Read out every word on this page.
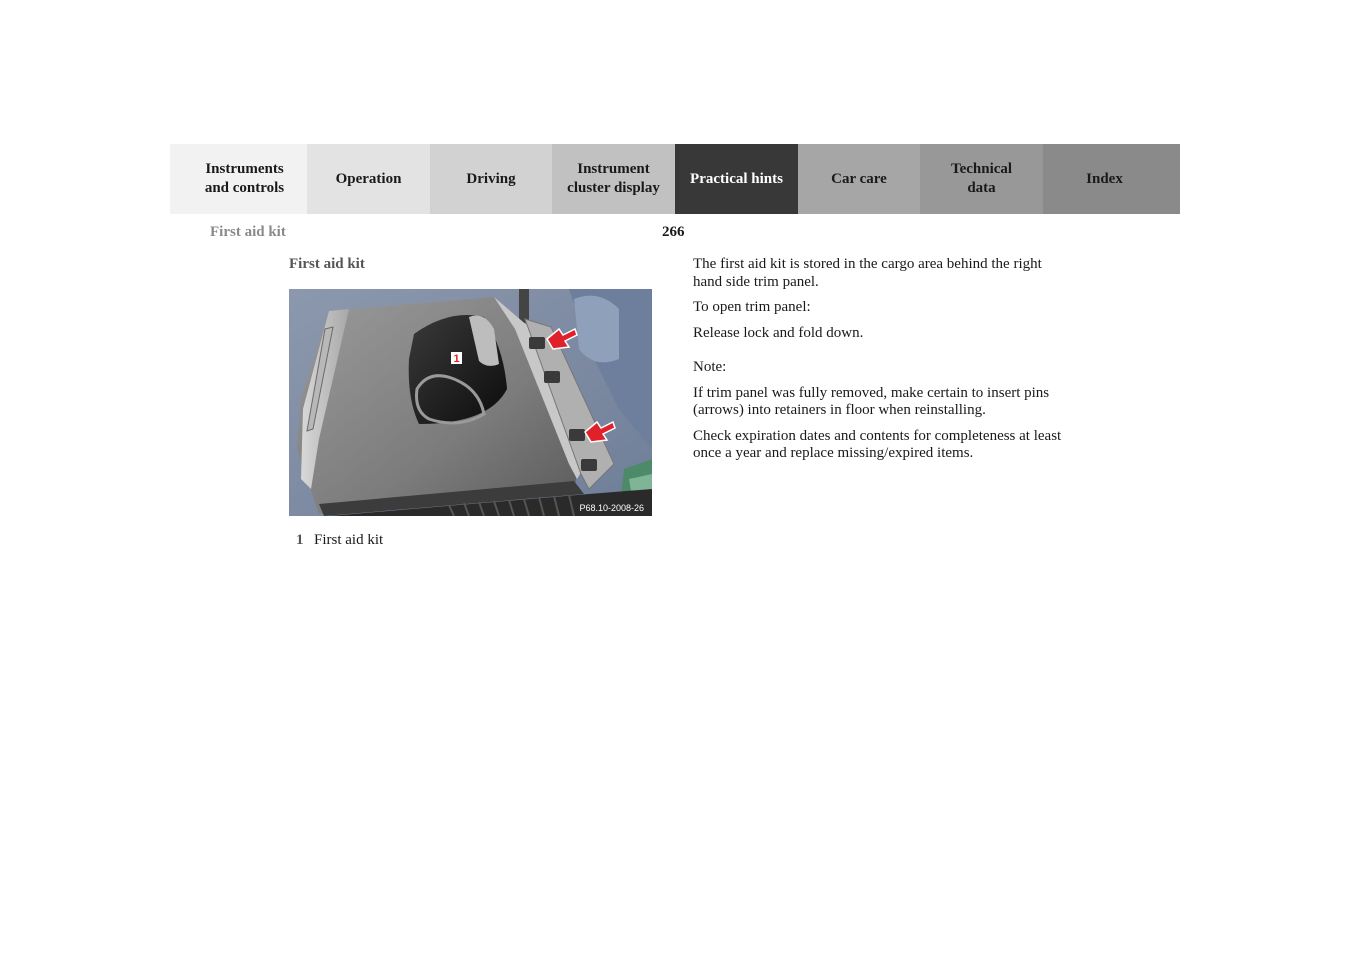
Instruments
and controls
Operation	Driving
Instrument
cluster display
Practical hints	Car care
Technical
data
Index
First aid kit	266
First aid kit
1
P68.10-2008-26
1 First aid kit

The first aid kit is stored in the cargo area behind the right hand side trim panel.

To open trim panel:

Release lock and fold down.

Note:

If trim panel was fully removed, make certain to insert pins (arrows) into retainers in floor when reinstalling.

Check expiration dates and contents for completeness at least once a year and replace missing/expired items.
